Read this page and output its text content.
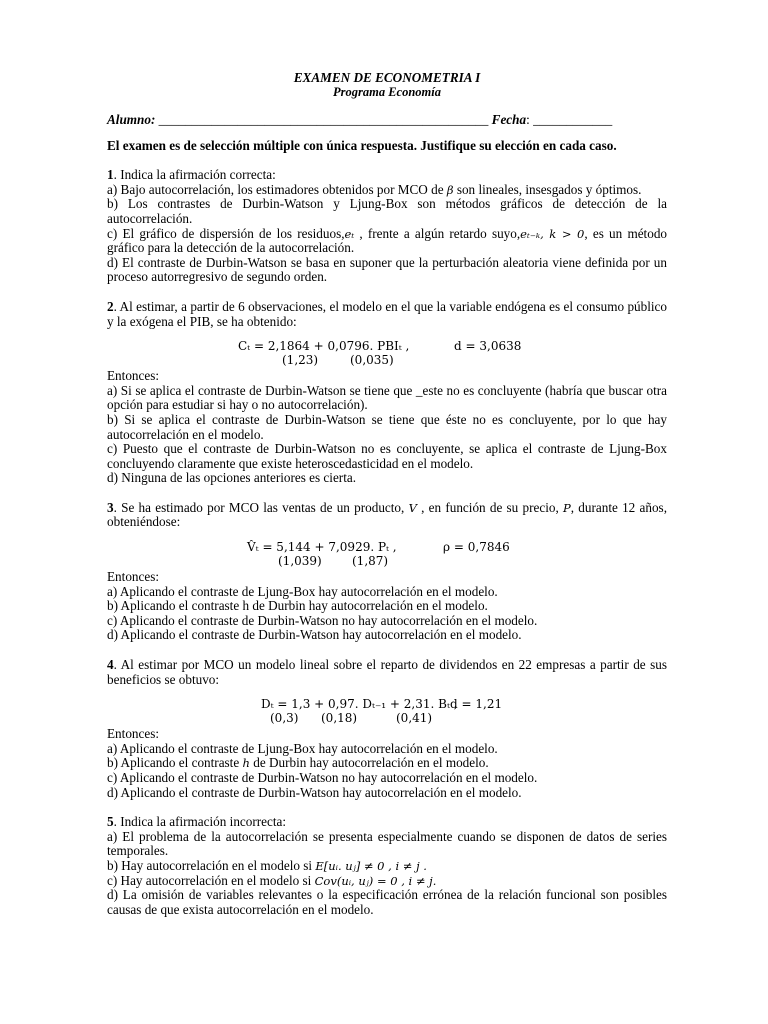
EXAMEN DE ECONOMETRIA I
Programa Economía
Alumno: __________________________________________________ Fecha: ____________
El examen es de selección múltiple con única respuesta. Justifique su elección en cada caso.

1. Indica la afirmación correcta:

a) Bajo autocorrelación, los estimadores obtenidos por MCO de β son lineales, insesgados y óptimos.

b) Los contrastes de Durbin-Watson y Ljung-Box son métodos gráficos de detección de la autocorrelación.

c) El gráfico de dispersión de los residuos,eₜ , frente a algún retardo suyo,eₜ₋ₖ, k > 0, es un método gráfico para la detección de la autocorrelación.

d) El contraste de Durbin-Watson se basa en suponer que la perturbación aleatoria viene definida por un proceso autorregresivo de segundo orden.

2. Al estimar, a partir de 6 observaciones, el modelo en el que la variable endógena es el consumo público y la exógena el PIB, se ha obtenido:

Cₜ = 2,1864 + 0,0796. PBIₜ ,	d = 3,0638
(1,23)	(0,035)

Entonces:

a) Si se aplica el contraste de Durbin-Watson se tiene que _este no es concluyente (habría que buscar otra opción para estudiar si hay o no autocorrelación).

b) Si se aplica el contraste de Durbin-Watson se tiene que éste no es concluyente, por lo que hay autocorrelación en el modelo.

c) Puesto que el contraste de Durbin-Watson no es concluyente, se aplica el contraste de Ljung-Box concluyendo claramente que existe heteroscedasticidad en el modelo.

d) Ninguna de las opciones anteriores es cierta.

3. Se ha estimado por MCO las ventas de un producto, V , en función de su precio, P, durante 12 años, obteniéndose:

V̂ₜ = 5,144 + 7,0929. Pₜ ,	ρ = 0,7846
(1,039)	(1,87)

Entonces:

a) Aplicando el contraste de Ljung-Box hay autocorrelación en el modelo.

b) Aplicando el contraste h de Durbin hay autocorrelación en el modelo.

c) Aplicando el contraste de Durbin-Watson no hay autocorrelación en el modelo.

d) Aplicando el contraste de Durbin-Watson hay autocorrelación en el modelo.

4. Al estimar por MCO un modelo lineal sobre el reparto de dividendos en 22 empresas a partir de sus beneficios se obtuvo:

Dₜ = 1,3 + 0,97. Dₜ₋₁ + 2,31. Bₜ ,
d = 1,21
(0,3) (0,18)	(0,41)

Entonces:

a) Aplicando el contraste de Ljung-Box hay autocorrelación en el modelo.

b) Aplicando el contraste h de Durbin hay autocorrelación en el modelo.

c) Aplicando el contraste de Durbin-Watson no hay autocorrelación en el modelo.

d) Aplicando el contraste de Durbin-Watson hay autocorrelación en el modelo.

5. Indica la afirmación incorrecta:

a) El problema de la autocorrelación se presenta especialmente cuando se disponen de datos de series temporales.

b) Hay autocorrelación en el modelo si E[uᵢ. uⱼ] ≠ 0 , i ≠ j .

c) Hay autocorrelación en el modelo si Cov(uᵢ, uⱼ) = 0 , i ≠ j.

d) La omisión de variables relevantes o la especificación errónea de la relación funcional son posibles causas de que exista autocorrelación en el modelo.
